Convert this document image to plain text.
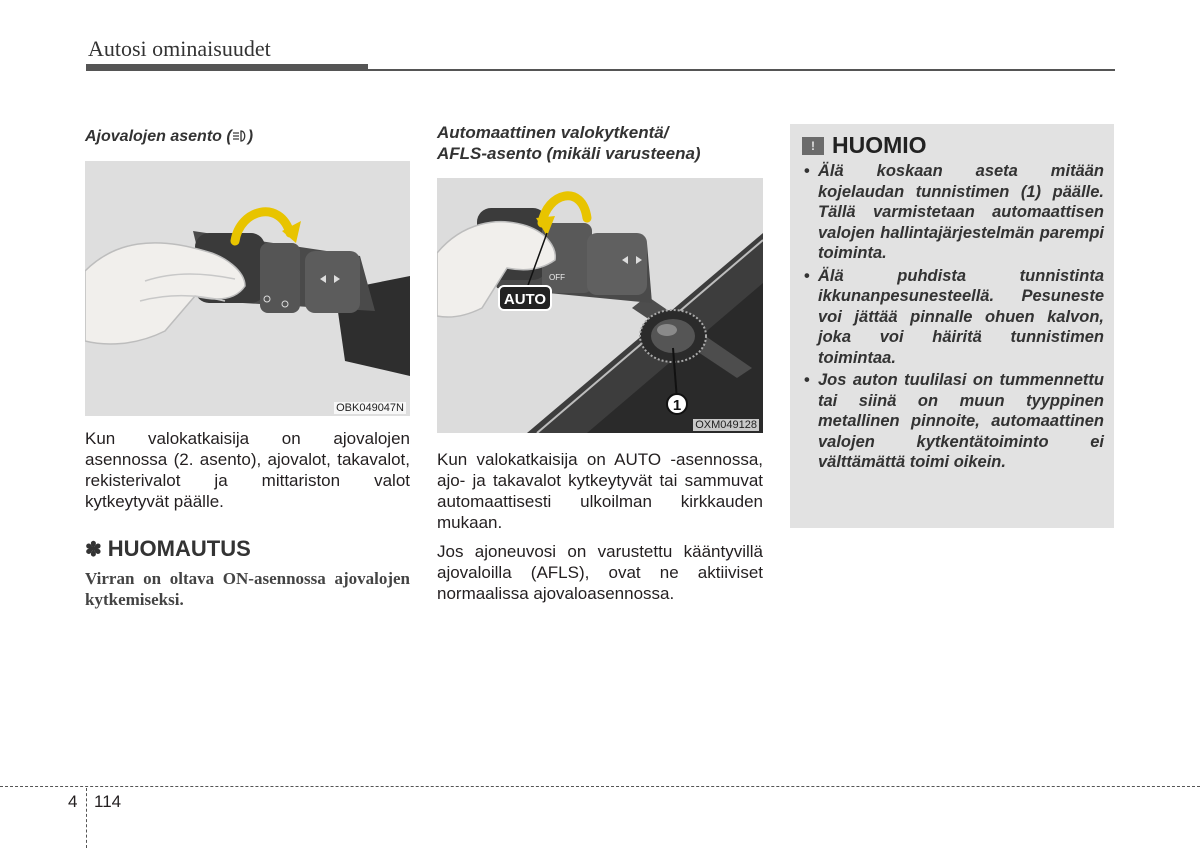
Autosi ominaisuudet
Ajovalojen asento ( )
OBK049047N
Kun valokatkaisija on ajovalojen asennossa (2. asento), ajovalot, takavalot, rekisterivalot ja mittariston valot kytkeytyvät päälle.
✽ HUOMAUTUS
Virran on oltava ON-asennossa ajovalojen kytkemiseksi.
Automaattinen valokytkentä/
AFLS-asento (mikäli varusteena)
OFF
AUTO
1
OXM049128

Kun valokatkaisija on AUTO -asennossa, ajo- ja takavalot kytkeytyvät tai sammuvat automaattisesti ulkoilman kirkkauden mukaan.

Jos ajoneuvosi on varustettu kääntyvillä ajovaloilla (AFLS), ovat ne aktiiviset normaalissa ajovaloasennossa.

! HUOMIO
• Älä koskaan aseta mitään kojelaudan tunnistimen (1) päälle. Tällä varmistetaan automaattisen valojen hallintajärjestelmän parempi toiminta.
• Älä puhdista tunnistinta ikkunanpesunesteellä. Pesuneste voi jättää pinnalle ohuen kalvon, joka voi häiritä tunnistimen toimintaa.
• Jos auton tuulilasi on tummennettu tai siinä on muun tyyppinen metallinen pinnoite, automaattinen valojen kytkentätoiminto ei välttämättä toimi oikein.
4 114
